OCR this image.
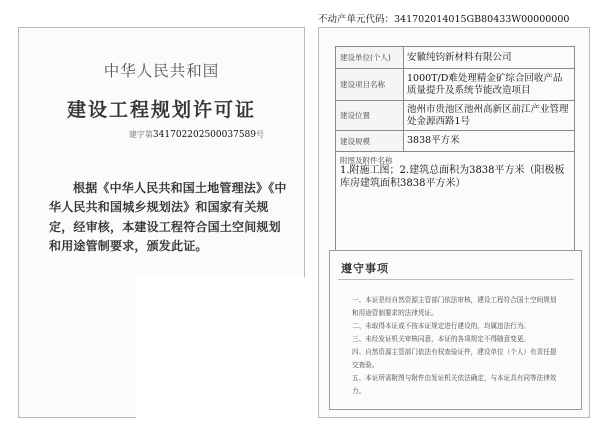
不动产单元代码：341702014015GB80433W00000000
中华人民共和国
建设工程规划许可证
建字第341702202500037589号
根据《中华人民共和国土地管理法》《中华人民共和国城乡规划法》和国家有关规定，经审核，本建设工程符合国土空间规划和用途管制要求，颁发此证。
建设单位(个人)	安徽纯钧新材料有限公司
建设项目名称
1000T/D难处理精金矿综合回收产品质量提升及系统节能改造项目
建设位置
池州市贵池区池州高新区前江产业管理处金源西路1号
建设规模	3838平方米
附图及附件名称
1.附施工图；2.建筑总面积为3838平方米（阳极板库房建筑面积3838平方米）
遵守事项
一、本证是经自然资源主管部门依法审核，建设工程符合国土空间规划
和用途管制要求的法律凭证。
二、未取得本证或不按本证规定进行建设的，均属违法行为。
三、未经发证机关审核同意，本证的各项规定不得随意变更。
四、自然资源主管部门依法有权查验证件，建设单位（个人）有责任提
交查验。
五、本证所需附图与附件由发证机关依法确定，与本证具有同等法律效
力。
